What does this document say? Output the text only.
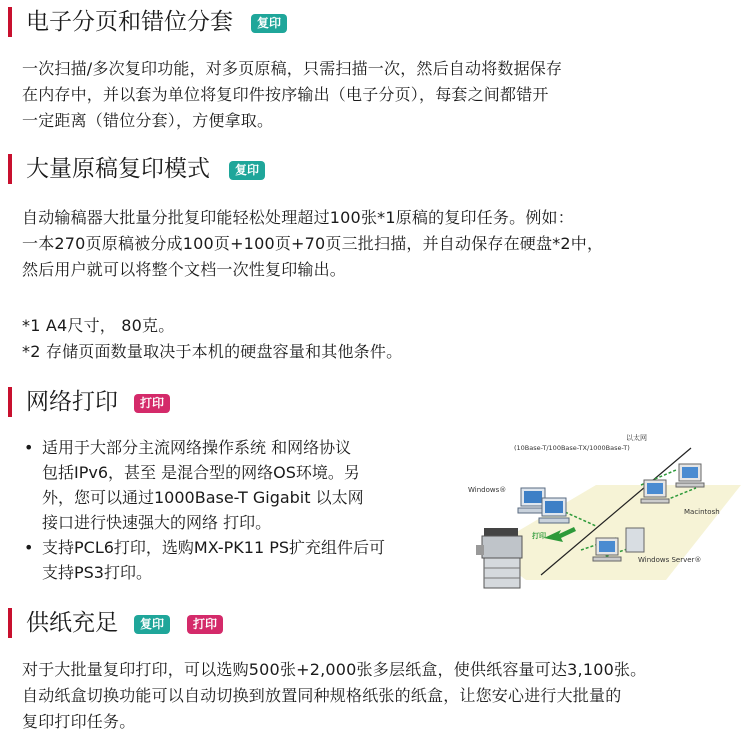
电子分页和错位分套	复印
一次扫描/多次复印功能，对多页原稿，只需扫描一次，然后自动将数据保存
在内存中，并以套为单位将复印件按序输出（电子分页），每套之间都错开
一定距离（错位分套），方便拿取。
大量原稿复印模式	复印
自动输稿器大批量分批复印能轻松处理超过100张*1原稿的复印任务。例如：
一本270页原稿被分成100页+100页+70页三批扫描，并自动保存在硬盘*2中，
然后用户就可以将整个文档一次性复印输出。
*1 A4尺寸， 80克。
*2 存储页面数量取决于本机的硬盘容量和其他条件。
网络打印	打印
• 适用于大部分主流网络操作系统 和网络协议
包括IPv6，甚至 是混合型的网络OS环境。另
外，您可以通过1000Base-T Gigabit 以太网
接口进行快速强大的网络 打印。
• 支持PCL6打印，选购MX-PK11 PS扩充组件后可
支持PS3打印。
以太网
(10Base-T/100Base-TX/1000Base-T)
Windows®
Macintosh
Windows Server®
打印
供纸充足	复印	打印
对于大批量复印打印，可以选购500张+2,000张多层纸盒，使供纸容量可达3,100张。
自动纸盒切换功能可以自动切换到放置同种规格纸张的纸盒，让您安心进行大批量的
复印打印任务。
